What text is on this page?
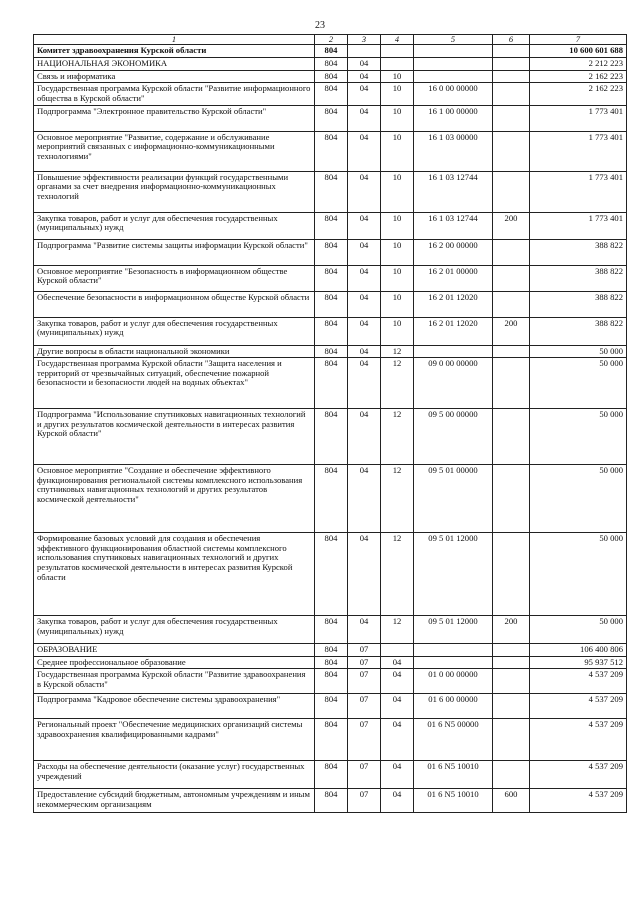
23
1	2	3	4	5	6	7
Комитет здравоохранения Курской области	804					10 600 601 688
НАЦИОНАЛЬНАЯ ЭКОНОМИКА	804	04				2 212 223
Связь и информатика	804	04	10			2 162 223
Государственная программа Курской области "Развитие информационного общества в Курской области"	804	04	10	16 0 00 00000		2 162 223
Подпрограмма "Электронное правительство Курской области"	804	04	10	16 1 00 00000		1 773 401
Основное мероприятие "Развитие, содержание и обслуживание мероприятий связанных с информационно-коммуникационными технологиями"	804	04	10	16 1 03 00000		1 773 401
Повышение эффективности реализации функций государственными органами за счет внедрения информационно-коммуникационных технологий	804	04	10	16 1 03 12744		1 773 401
Закупка товаров, работ и услуг для обеспечения государственных (муниципальных) нужд	804	04	10	16 1 03 12744	200	1 773 401
Подпрограмма "Развитие системы защиты информации Курской области"	804	04	10	16 2 00 00000		388 822
Основное мероприятие "Безопасность в информационном обществе Курской области"	804	04	10	16 2 01 00000		388 822
Обеспечение безопасности в информационном обществе Курской области	804	04	10	16 2 01 12020		388 822
Закупка товаров, работ и услуг для обеспечения государственных (муниципальных) нужд	804	04	10	16 2 01 12020	200	388 822
Другие вопросы в области национальной экономики	804	04	12			50 000
Государственная программа Курской области "Защита населения и территорий от чрезвычайных ситуаций, обеспечение пожарной безопасности и безопасности людей на водных объектах"	804	04	12	09 0 00 00000		50 000
Подпрограмма "Использование спутниковых навигационных технологий и других результатов космической деятельности в интересах развития Курской области"	804	04	12	09 5 00 00000		50 000
Основное мероприятие "Создание и обеспечение эффективного функционирования региональной системы комплексного использования спутниковых навигационных технологий и других результатов космической деятельности"	804	04	12	09 5 01 00000		50 000
Формирование базовых условий для создания и обеспечения эффективного функционирования областной системы комплексного использования спутниковых навигационных технологий и других результатов космической деятельности в интересах развития Курской области	804	04	12	09 5 01 12000		50 000
Закупка товаров, работ и услуг для обеспечения государственных (муниципальных) нужд	804	04	12	09 5 01 12000	200	50 000
ОБРАЗОВАНИЕ	804	07				106 400 806
Среднее профессиональное образование	804	07	04			95 937 512
Государственная программа Курской области "Развитие здравоохранения в Курской области"	804	07	04	01 0 00 00000		4 537 209
Подпрограмма "Кадровое обеспечение системы здравоохранения"	804	07	04	01 6 00 00000		4 537 209
Региональный проект "Обеспечение медицинских организаций системы здравоохранения квалифицированными кадрами"	804	07	04	01 6 N5 00000		4 537 209
Расходы на обеспечение деятельности (оказание услуг) государственных учреждений	804	07	04	01 6 N5 10010		4 537 209
Предоставление субсидий бюджетным, автономным учреждениям и иным некоммерческим организациям	804	07	04	01 6 N5 10010	600	4 537 209
